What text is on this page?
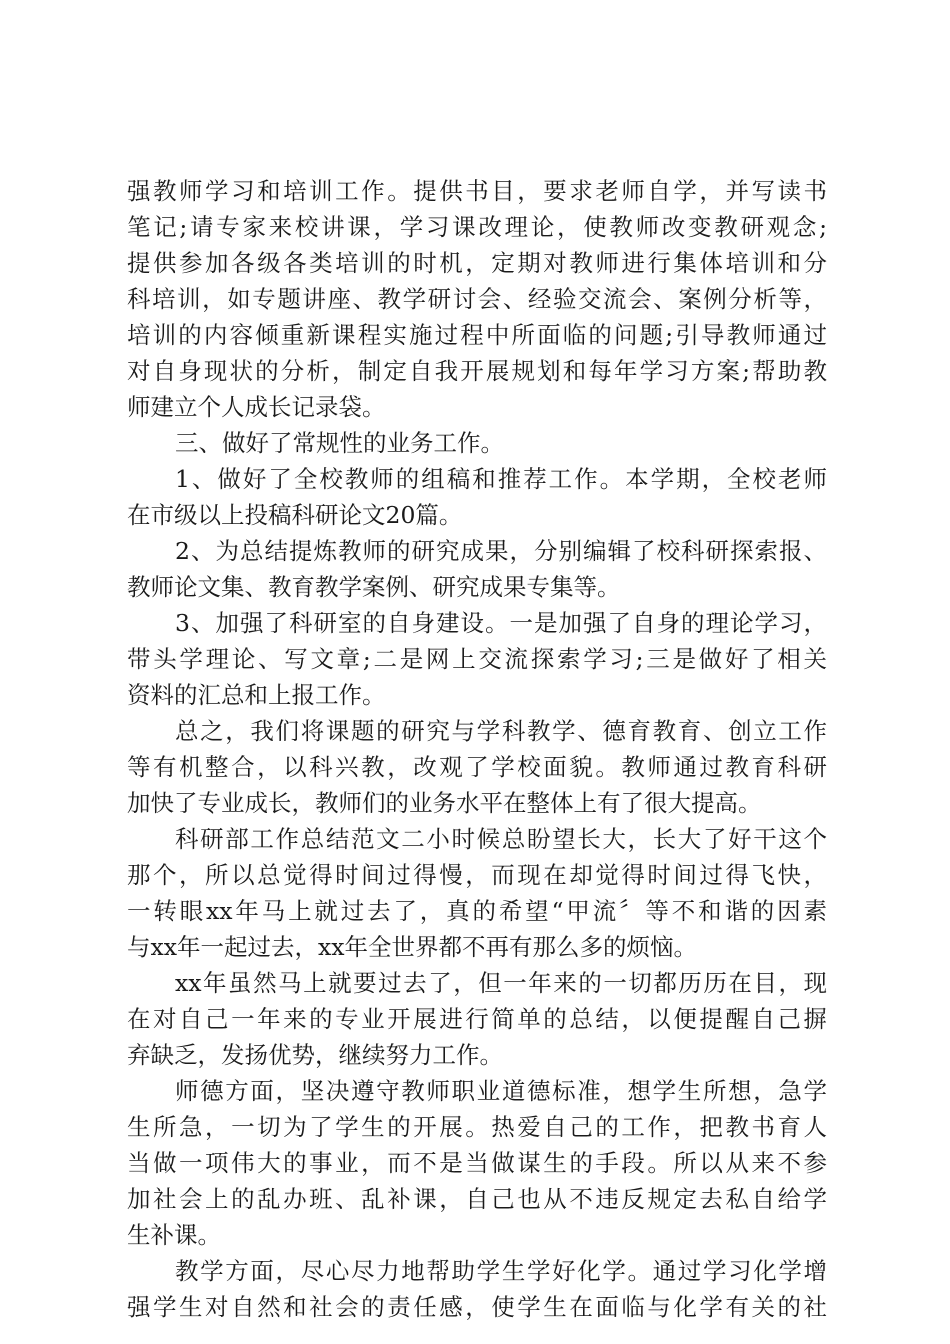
强教师学习和培训工作。提供书目，要求老师自学，并写读书
笔记;请专家来校讲课，学习课改理论，使教师改变教研观念;
提供参加各级各类培训的时机，定期对教师进行集体培训和分
科培训，如专题讲座、教学研讨会、经验交流会、案例分析等，
培训的内容倾重新课程实施过程中所面临的问题;引导教师通过
对自身现状的分析，制定自我开展规划和每年学习方案;帮助教
师建立个人成长记录袋。
三、做好了常规性的业务工作。
1、做好了全校教师的组稿和推荐工作。本学期，全校老师
在市级以上投稿科研论文20篇。
2、为总结提炼教师的研究成果，分别编辑了校科研探索报、
教师论文集、教育教学案例、研究成果专集等。
3、加强了科研室的自身建设。一是加强了自身的理论学习，
带头学理论、写文章;二是网上交流探索学习;三是做好了相关
资料的汇总和上报工作。
总之，我们将课题的研究与学科教学、德育教育、创立工作
等有机整合，以科兴教，改观了学校面貌。教师通过教育科研
加快了专业成长，教师们的业务水平在整体上有了很大提高。
科研部工作总结范文二小时候总盼望长大，长大了好干这个
那个，所以总觉得时间过得慢，而现在却觉得时间过得飞快，
一转眼xx年马上就过去了，真的希望“甲流〞等不和谐的因素
与xx年一起过去，xx年全世界都不再有那么多的烦恼。
xx年虽然马上就要过去了，但一年来的一切都历历在目，现
在对自己一年来的专业开展进行简单的总结，以便提醒自己摒
弃缺乏，发扬优势，继续努力工作。
师德方面，坚决遵守教师职业道德标准，想学生所想，急学
生所急，一切为了学生的开展。热爱自己的工作，把教书育人
当做一项伟大的事业，而不是当做谋生的手段。所以从来不参
加社会上的乱办班、乱补课，自己也从不违反规定去私自给学
生补课。
教学方面，尽心尽力地帮助学生学好化学。通过学习化学增
强学生对自然和社会的责任感，使学生在面临与化学有关的社
